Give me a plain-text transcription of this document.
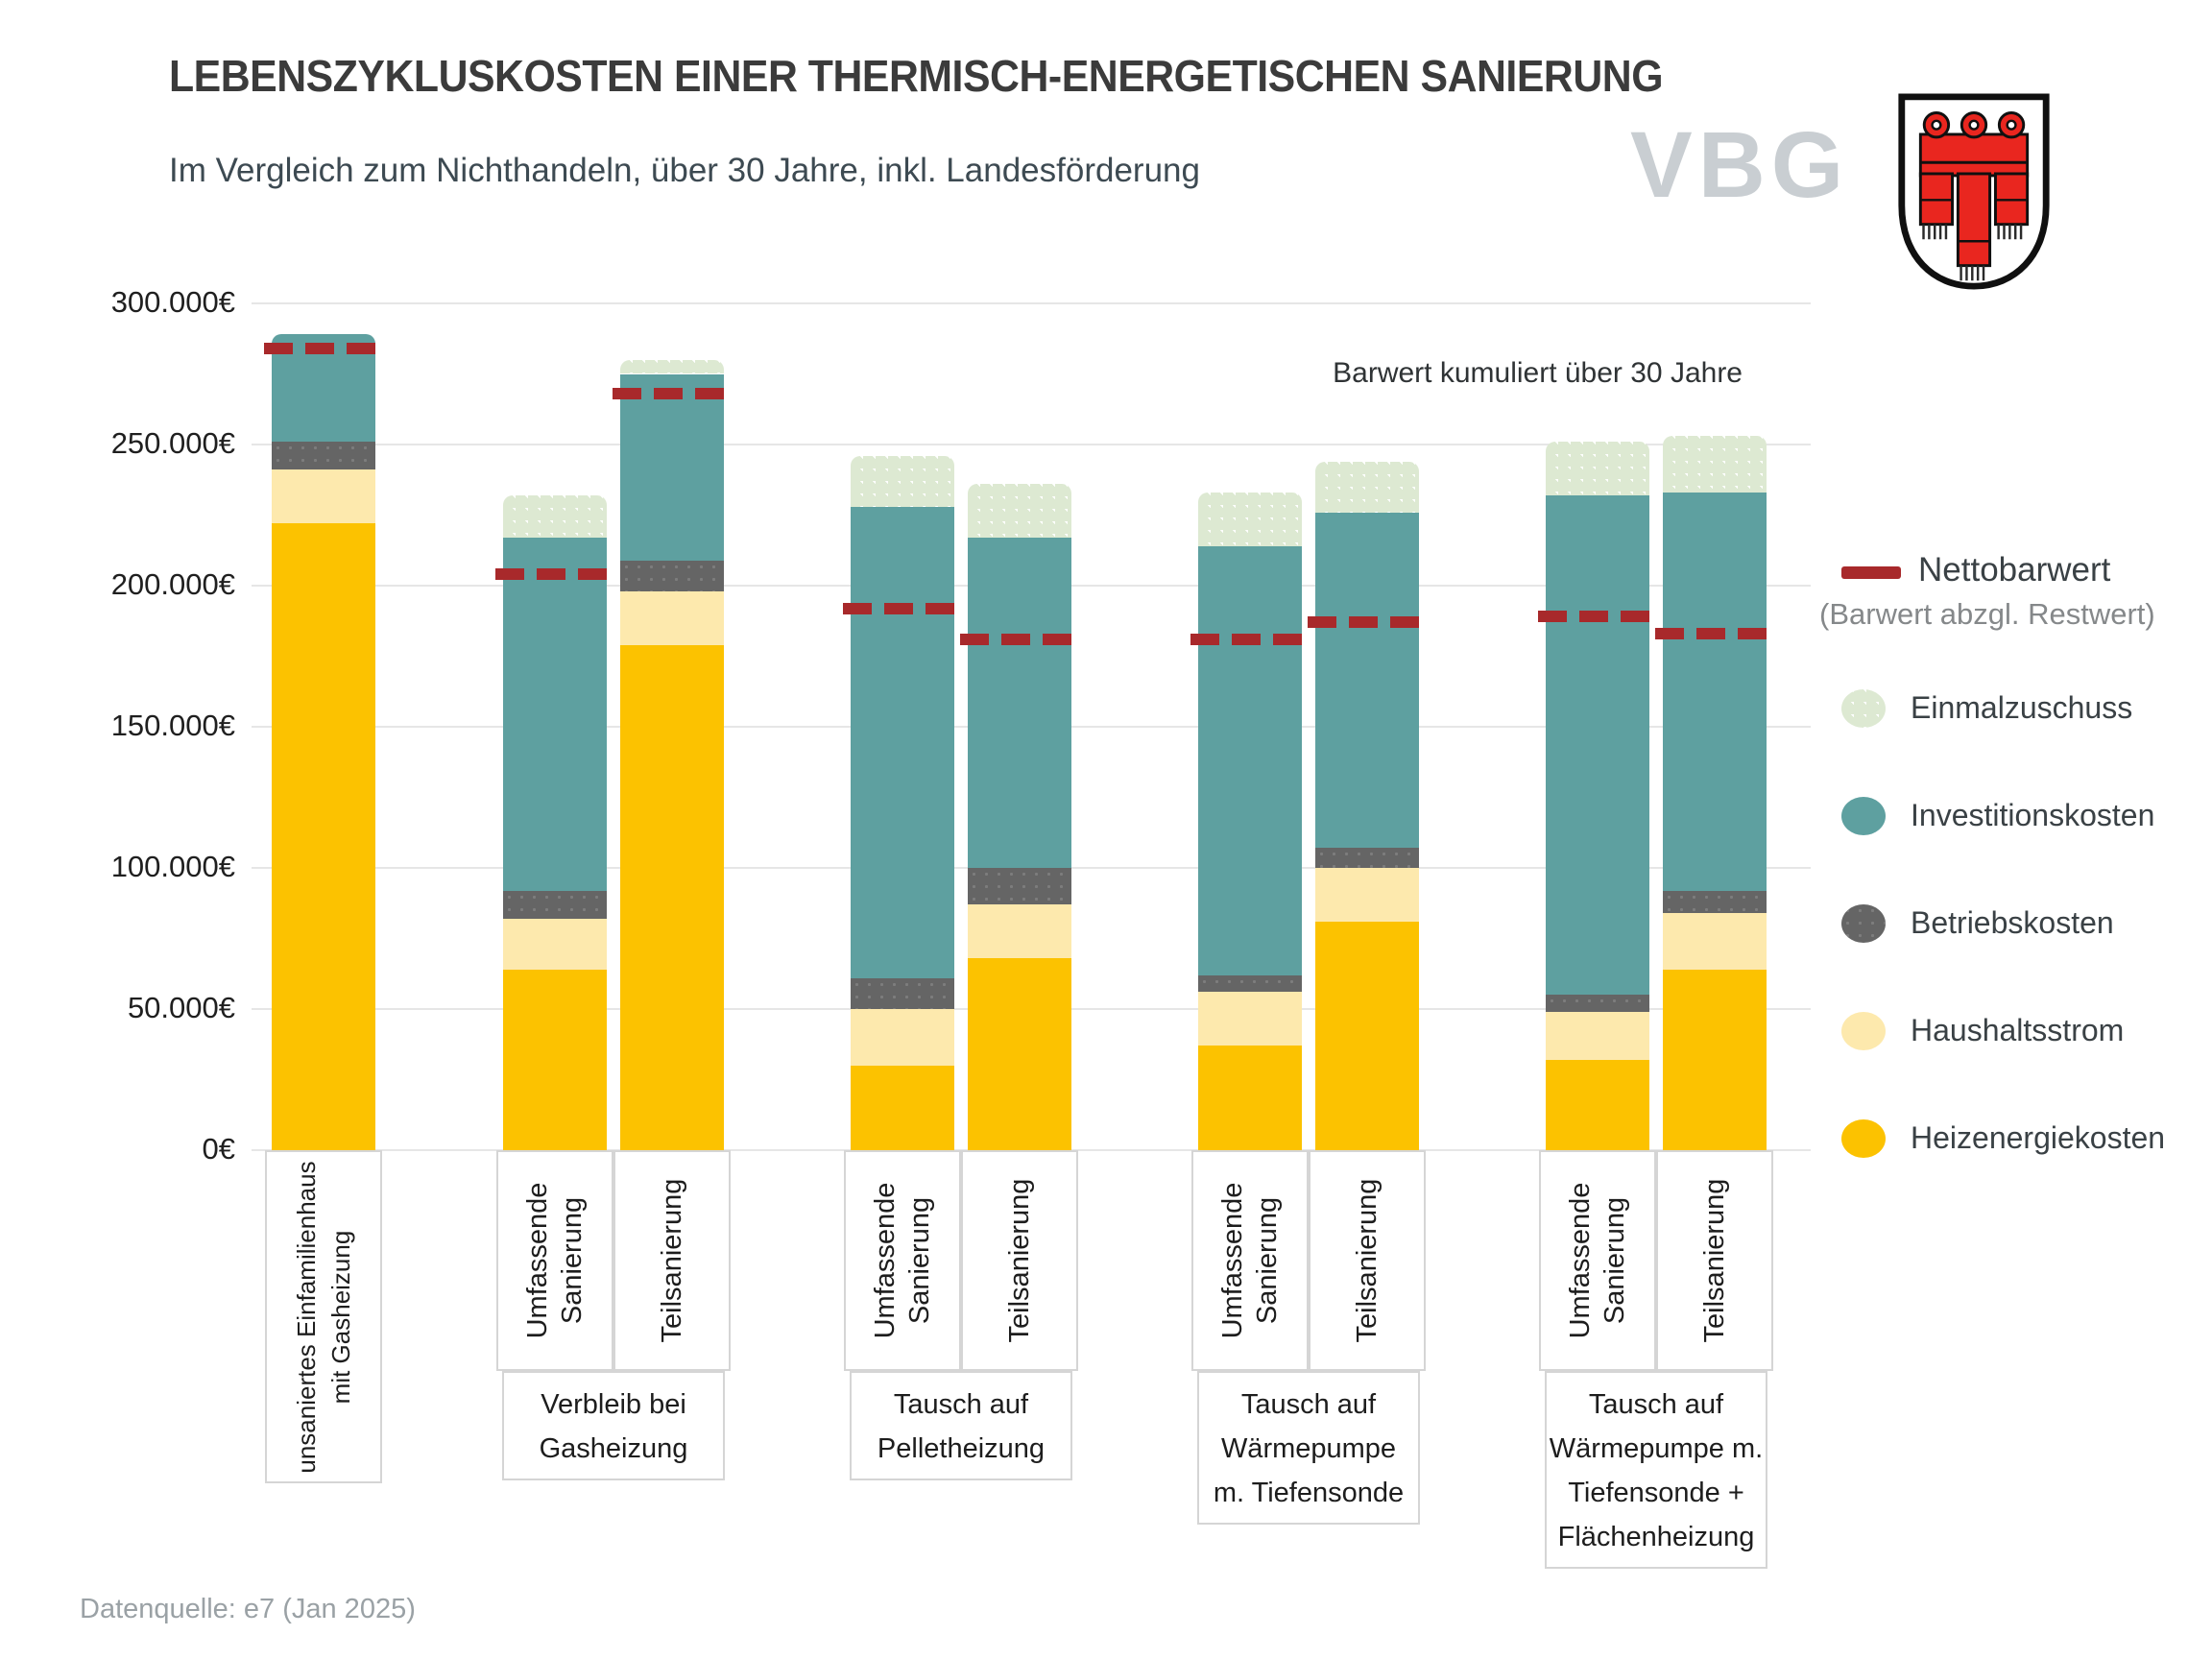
LEBENSZYKLUSKOSTEN EINER THERMISCH-ENERGETISCHEN SANIERUNG
Im Vergleich zum Nichthandeln, über 30 Jahre, inkl. Landesförderung	VBG
Barwert kumuliert über 30 Jahre
0€
50.000€
100.000€
150.000€
200.000€
250.000€
300.000€
unsaniertes Einfamilienhaus mit Gasheizung	Umfassende Sanierung Teilsanierung
Verbleib bei
Gasheizung
Umfassende Sanierung Teilsanierung
Tausch auf
Pelletheizung
Umfassende Sanierung Teilsanierung
Tausch auf
Wärmepumpe
m. Tiefensonde
Umfassende Sanierung Teilsanierung
Tausch auf
Wärmepumpe m.
Tiefensonde +
Flächenheizung
Nettobarwert
(Barwert abzgl. Restwert)
Einmalzuschuss
Investitionskosten
Betriebskosten
Haushaltsstrom
Heizenergiekosten
Datenquelle: e7 (Jan 2025)
